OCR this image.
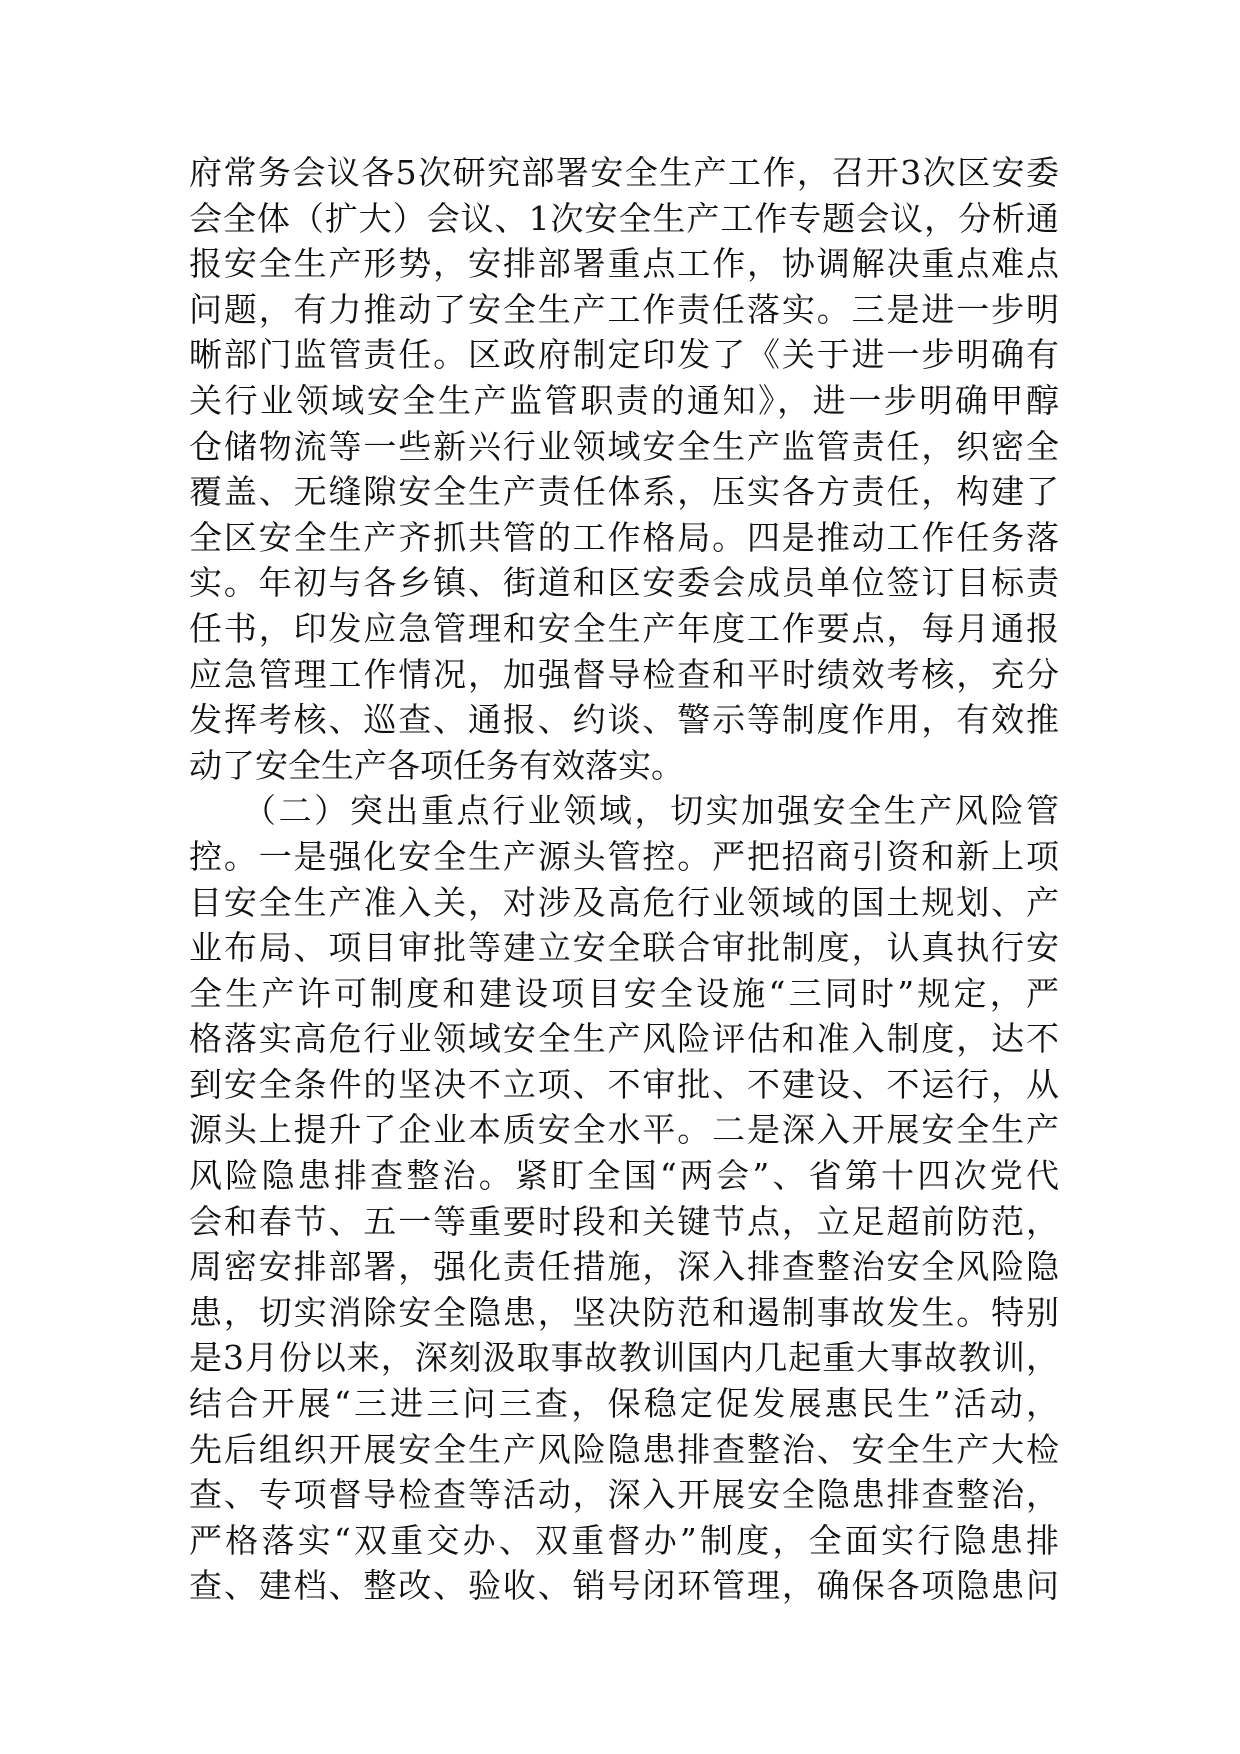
府常务会议各5次研究部署安全生产工作，召开3次区安委
会全体（扩大）会议、1次安全生产工作专题会议，分析通
报安全生产形势，安排部署重点工作，协调解决重点难点
问题，有力推动了安全生产工作责任落实。三是进一步明
晰部门监管责任。区政府制定印发了《关于进一步明确有
关行业领域安全生产监管职责的通知》，进一步明确甲醇
仓储物流等一些新兴行业领域安全生产监管责任，织密全
覆盖、无缝隙安全生产责任体系，压实各方责任，构建了
全区安全生产齐抓共管的工作格局。四是推动工作任务落
实。年初与各乡镇、街道和区安委会成员单位签订目标责
任书，印发应急管理和安全生产年度工作要点，每月通报
应急管理工作情况，加强督导检查和平时绩效考核，充分
发挥考核、巡查、通报、约谈、警示等制度作用，有效推
动了安全生产各项任务有效落实。
（二）突出重点行业领域，切实加强安全生产风险管
控。一是强化安全生产源头管控。严把招商引资和新上项
目安全生产准入关，对涉及高危行业领域的国土规划、产
业布局、项目审批等建立安全联合审批制度，认真执行安
全生产许可制度和建设项目安全设施“三同时”规定，严
格落实高危行业领域安全生产风险评估和准入制度，达不
到安全条件的坚决不立项、不审批、不建设、不运行，从
源头上提升了企业本质安全水平。二是深入开展安全生产
风险隐患排查整治。紧盯全国“两会”、省第十四次党代
会和春节、五一等重要时段和关键节点，立足超前防范，
周密安排部署，强化责任措施，深入排查整治安全风险隐
患，切实消除安全隐患，坚决防范和遏制事故发生。特别
是3月份以来，深刻汲取事故教训国内几起重大事故教训，
结合开展“三进三问三查，保稳定促发展惠民生”活动，
先后组织开展安全生产风险隐患排查整治、安全生产大检
查、专项督导检查等活动，深入开展安全隐患排查整治，
严格落实“双重交办、双重督办”制度，全面实行隐患排
查、建档、整改、验收、销号闭环管理，确保各项隐患问
